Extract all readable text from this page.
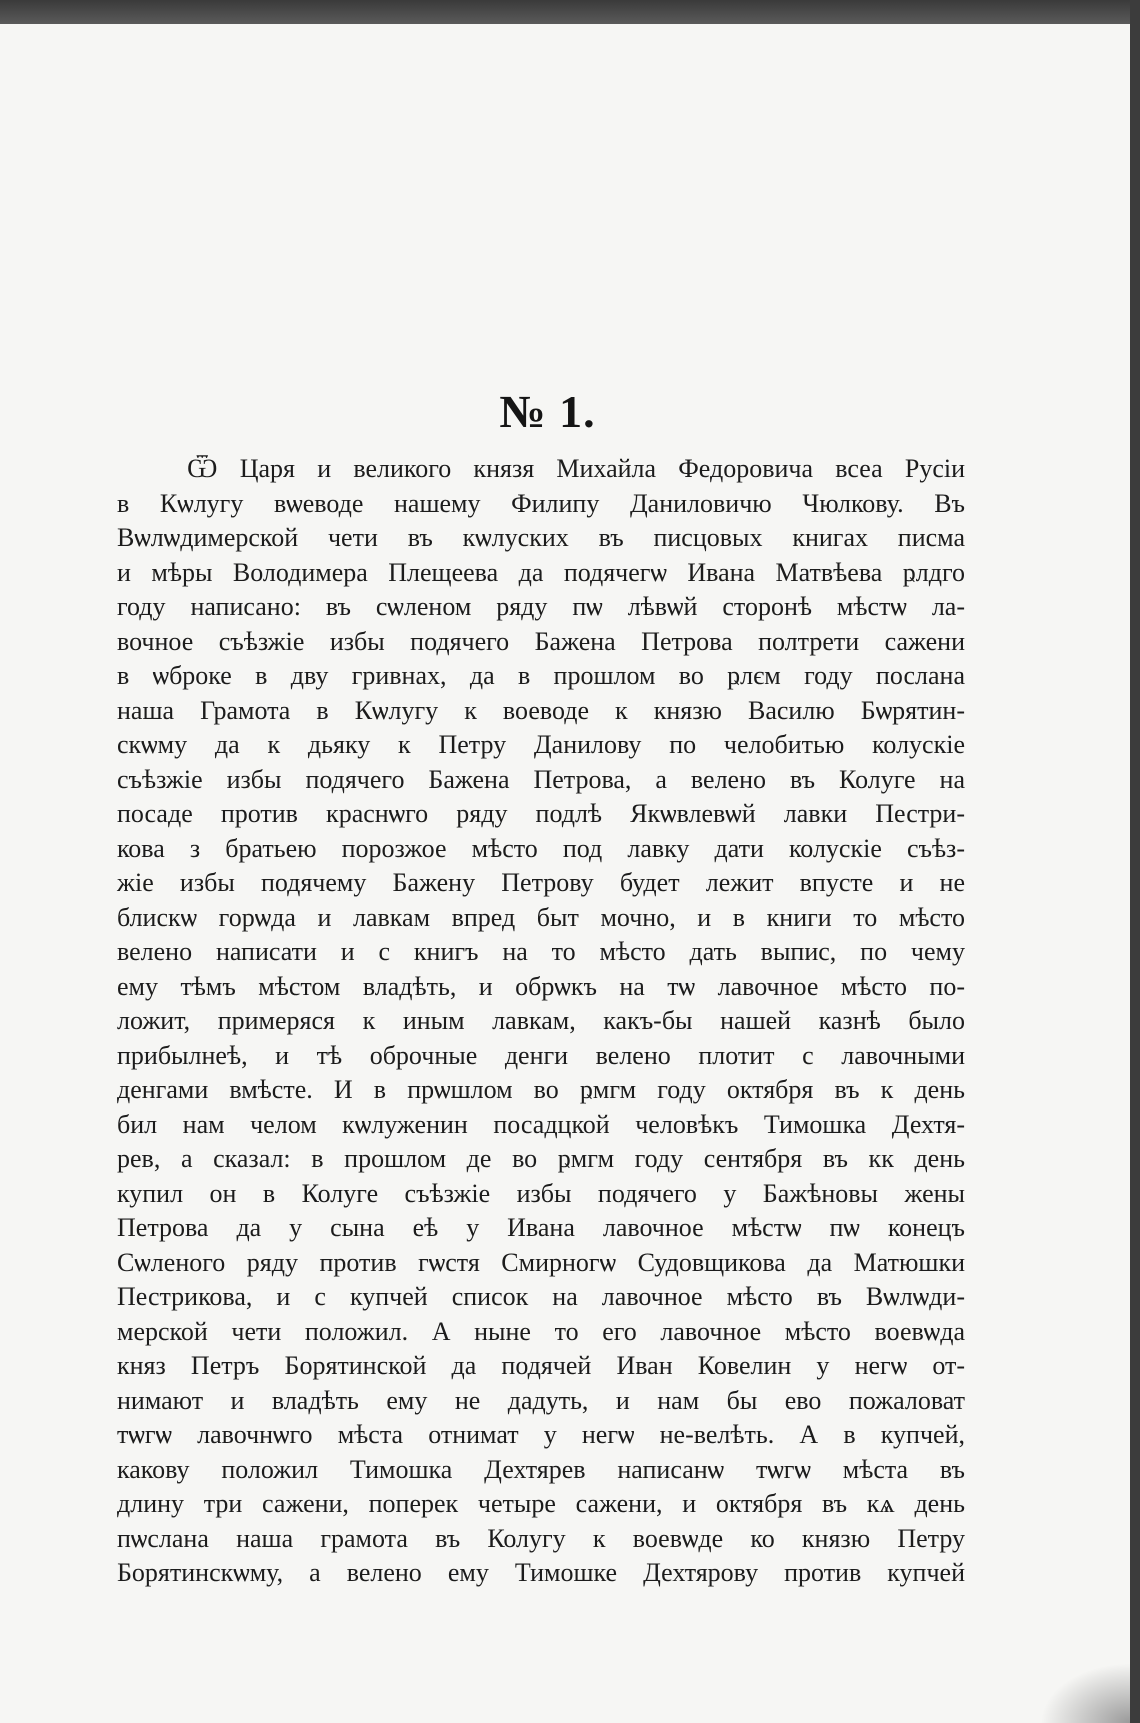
№ 1.
Ѿ Царя и великого князя Михайла Федоровича всеа Русіи
в Кѡлугу вѡеводе нашему Филипу Даниловичю Чюлкову. Въ
Вѡлѡдимерской чети въ кѡлуских въ писцовых книгах писма
и мѣры Володимера Плещеева да подячегѡ Ивана Матвѣева ҏлдго
году написано: въ сѡленом ряду пѡ лѣвѡй сторонѣ мѣстѡ ла-
вочное съѣзжіе избы подячего Бажена Петрова полтрети сажени
в ѡброке в дву гривнах, да в прошлом во ҏлєм году послана
наша Грамота в Кѡлугу к воеводе к князю Василю Бѡрятин-
скѡму да к дьяку к Петру Данилову по челобитью колускіе
съѣзжіе избы подячего Бажена Петрова, а велено въ Колуге на
посаде против краснѡго ряду подлѣ Якѡвлевѡй лавки Пестри-
кова з братьею порозжое мѣсто под лавку дати колускіе съѣз-
жіе избы подячему Бажену Петрову будет лежит впусте и не
блискѡ горѡда и лавкам впред быт мочно, и в книги то мѣсто
велено написати и с книгъ на то мѣсто дать выпис, по чему
ему тѣмъ мѣстом владѣть, и обрѡкъ на тѡ лавочное мѣсто по-
ложит, примеряся к иным лавкам, какъ-бы нашей казнѣ было
прибылнеѣ, и тѣ оброчные денги велено плотит с лавочными
денгами вмѣсте. И в прѡшлом во ҏмгм году октября въ к день
бил нам челом кѡлуженин посадцкой человѣкъ Тимошка Дехтя-
рев, а сказал: в прошлом де во ҏмгм году сентября въ кк день
купил он в Колуге съѣзжіе избы подячего у Бажѣновы жены
Петрова да у сына еѣ у Ивана лавочное мѣстѡ пѡ конецъ
Сѡленого ряду против гѡстя Смирногѡ Судовщикова да Матюшки
Пестрикова, и с купчей список на лавочное мѣсто въ Вѡлѡди-
мерской чети положил. А ныне то его лавочное мѣсто воевѡда
княз Петръ Борятинской да подячей Иван Ковелин у негѡ от-
нимают и владѣть ему не дадуть, и нам бы ево пожаловат
тѡгѡ лавочнѡго мѣста отнимат у негѡ не-велѣть. А в купчей,
какову положил Тимошка Дехтярев написанѡ тѡгѡ мѣста въ
длину три сажени, поперек четыре сажени, и октября въ кѧ день
пѡслана наша грамота въ Колугу к воевѡде ко князю Петру
Борятинскѡму, а велено ему Тимошке Дехтярову против купчей
